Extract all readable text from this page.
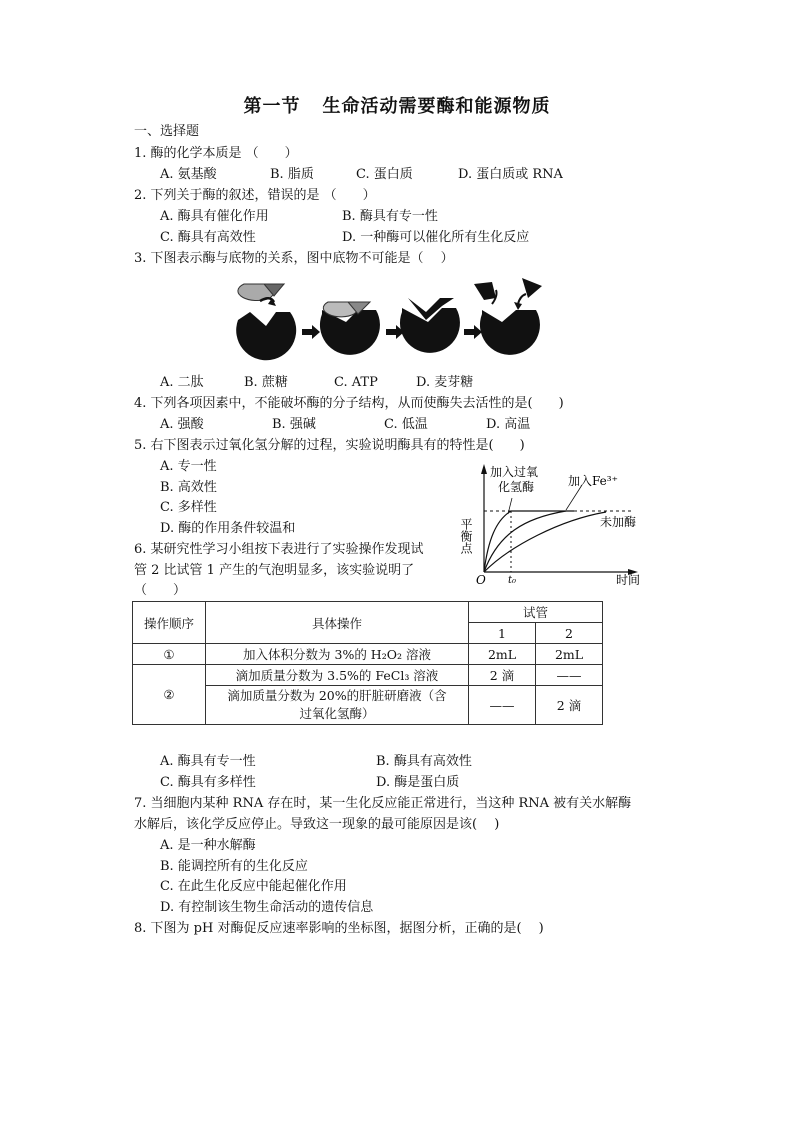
第一节 生命活动需要酶和能源物质
一、选择题
1. 酶的化学本质是 （　　）
A. 氨基酸	B. 脂质	C. 蛋白质	D. 蛋白质或 RNA
2. 下列关于酶的叙述，错误的是 （　　）
A. 酶具有催化作用	B. 酶具有专一性
C. 酶具有高效性	D. 一种酶可以催化所有生化反应
3. 下图表示酶与底物的关系，图中底物不可能是（　 ）
A. 二肽	B. 蔗糖	C. ATP	D. 麦芽糖
4. 下列各项因素中，不能破坏酶的分子结构，从而使酶失去活性的是(　　)
A. 强酸	B. 强碱	C. 低温	D. 高温
5. 右下图表示过氧化氢分解的过程，实验说明酶具有的特性是(　　)
A. 专一性
B. 高效性
C. 多样性
D. 酶的作用条件较温和	平衡点
加入过氧
化氢酶	加入Fe³⁺
未加酶
O t₀	时间
6. 某研究性学习小组按下表进行了实验操作发现试
管 2 比试管 1 产生的气泡明显多，该实验说明了
（　　）
操作顺序	具体操作	试管	
		1	2
①	加入体积分数为 3%的 H₂O₂ 溶液	2mL	2mL
②	滴加质量分数为 3.5%的 FeCl₃ 溶液	2 滴	——
	滴加质量分数为 20%的肝脏研磨液（含
过氧化氢酶）	——	2 滴
A. 酶具有专一性	B. 酶具有高效性
C. 酶具有多样性	D. 酶是蛋白质
7. 当细胞内某种 RNA 存在时，某一生化反应能正常进行，当这种 RNA 被有关水解酶
水解后，该化学反应停止。导致这一现象的最可能原因是该(　 )
A. 是一种水解酶
B. 能调控所有的生化反应
C. 在此生化反应中能起催化作用
D. 有控制该生物生命活动的遗传信息
8. 下图为 pH 对酶促反应速率影响的坐标图，据图分析，正确的是(　 )
